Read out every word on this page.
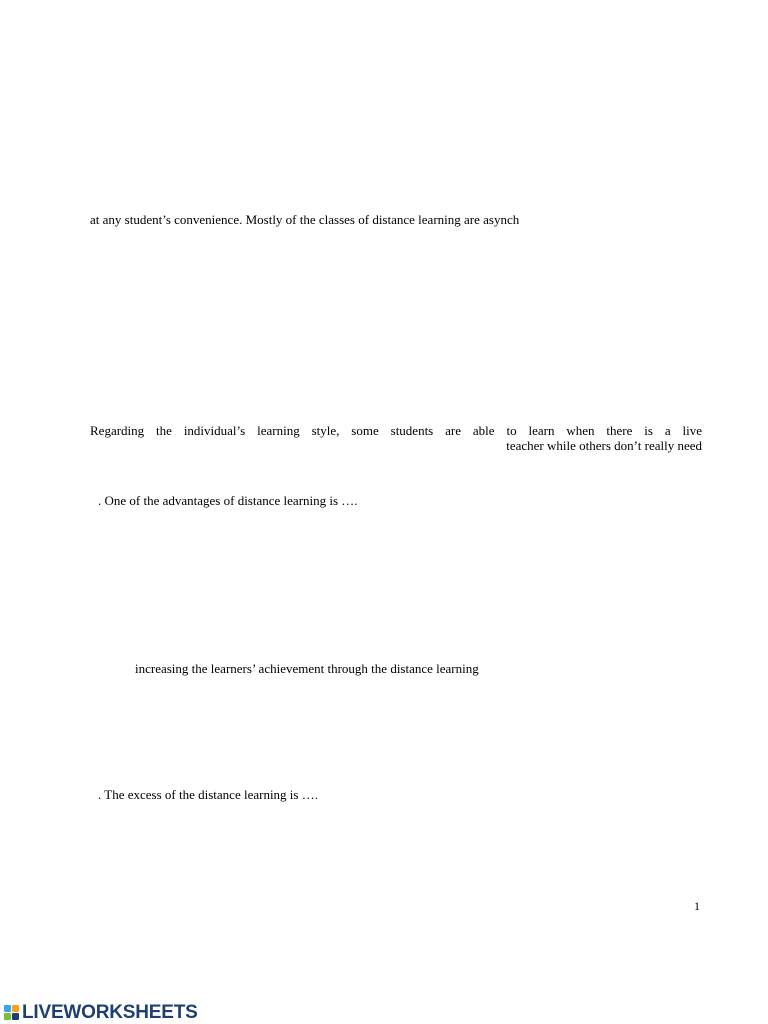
at any student’s convenience. Mostly of the classes of distance learning are asynch
Regarding the individual’s learning style, some students are able to learn when there is a live
teacher while others don’t really need
. One of the advantages of distance learning is ….
increasing the learners’ achievement through the distance learning
. The excess of the distance learning is ….
1
LIVEWORKSHEETS
